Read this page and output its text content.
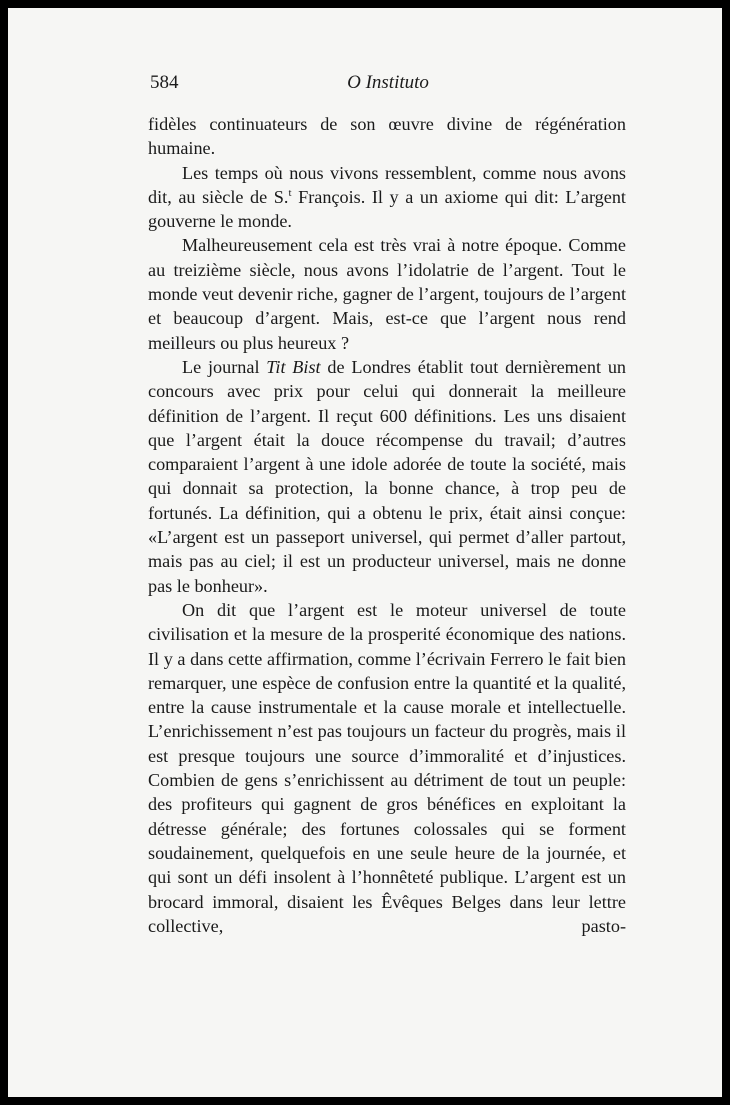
584	O Instituto

fidèles continuateurs de son œuvre divine de régénération humaine.

Les temps où nous vivons ressemblent, comme nous avons dit, au siècle de S.$^t$ François. Il y a un axiome qui dit: L’argent gouverne le monde.

Malheureusement cela est très vrai à notre époque. Comme au treizième siècle, nous avons l’idolatrie de l’argent. Tout le monde veut devenir riche, gagner de l’argent, toujours de l’argent et beaucoup d’argent. Mais, est-ce que l’argent nous rend meilleurs ou plus heureux ?

Le journal Tit Bist de Londres établit tout dernièrement un concours avec prix pour celui qui donnerait la meilleure définition de l’argent. Il reçut 600 définitions. Les uns disaient que l’argent était la douce récompense du travail; d’autres comparaient l’argent à une idole adorée de toute la société, mais qui donnait sa protection, la bonne chance, à trop peu de fortunés. La définition, qui a obtenu le prix, était ainsi conçue: «L’argent est un passeport universel, qui permet d’aller partout, mais pas au ciel; il est un producteur universel, mais ne donne pas le bonheur».

On dit que l’argent est le moteur universel de toute civilisation et la mesure de la prosperité économique des nations. Il y a dans cette affirmation, comme l’écrivain Ferrero le fait bien remarquer, une espèce de confusion entre la quantité et la qualité, entre la cause instrumentale et la cause morale et intellectuelle. L’enrichissement n’est pas toujours un facteur du progrès, mais il est presque toujours une source d’immoralité et d’injustices. Combien de gens s’enrichissent au détriment de tout un peuple: des profiteurs qui gagnent de gros bénéfices en exploitant la détresse générale; des fortunes colossales qui se forment soudainement, quelquefois en une seule heure de la journée, et qui sont un défi insolent à l’honnêteté publique. L’argent est un brocard immoral, disaient les Êvêques Belges dans leur lettre collective, pasto-
